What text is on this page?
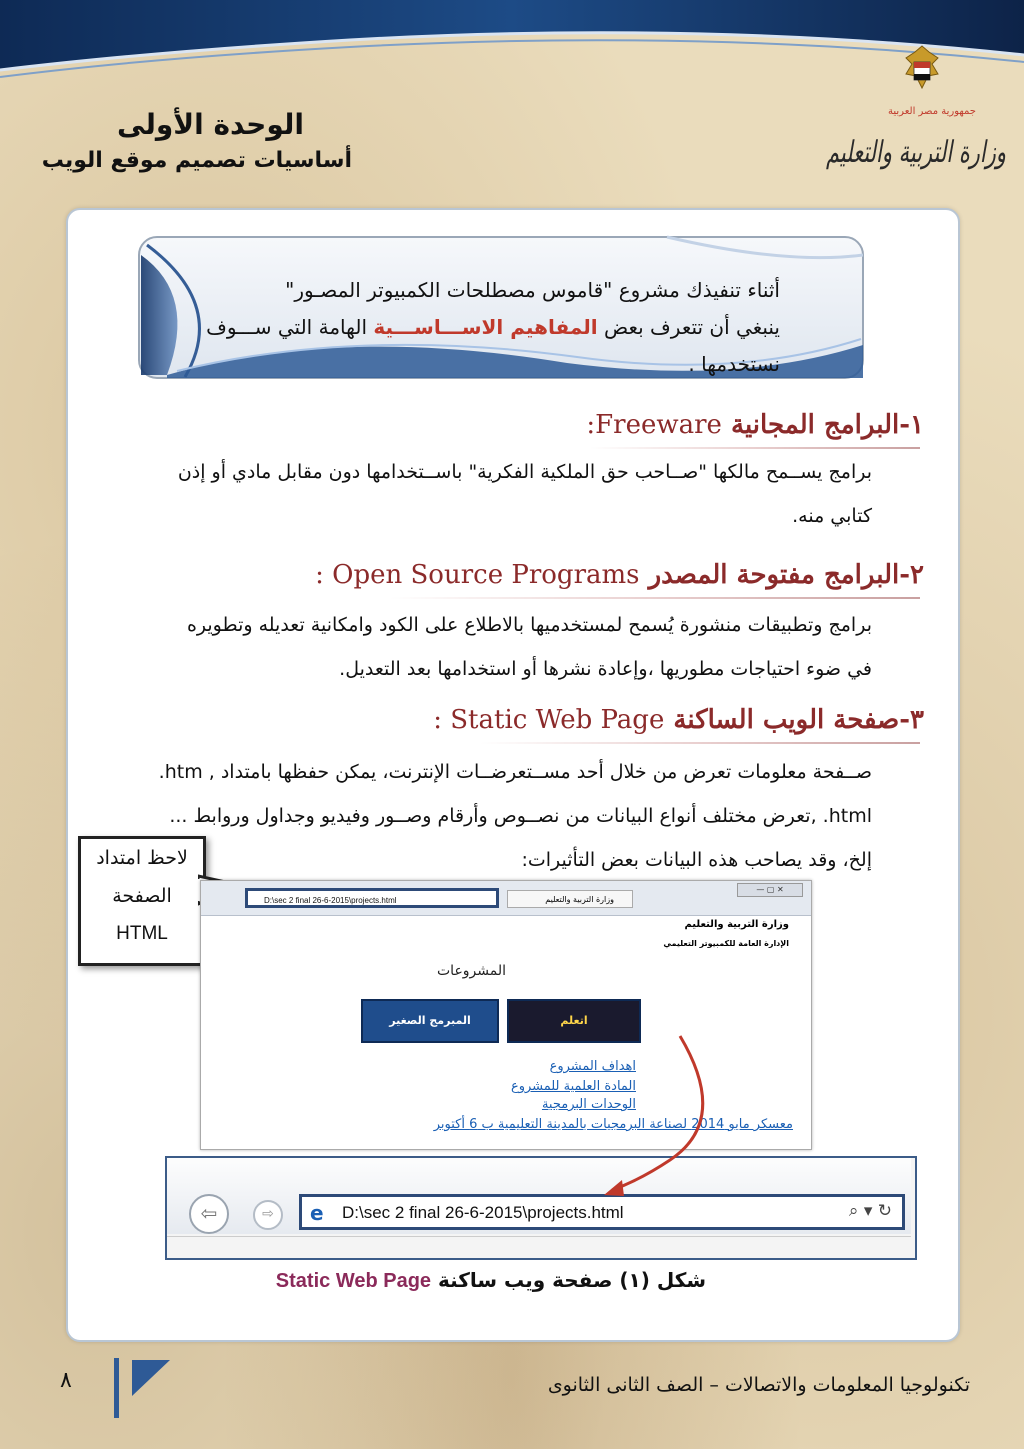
جمهورية مصر العربية
وزارة التربية والتعليم
الوحدة الأولى
أساسيات تصميم موقع الويب
أثناء تنفيذك مشروع "قاموس مصطلحات الكمبيوتر المصـور"
ينبغي أن تتعرف بعض المفاهيم الاســـاســـية الهامة التي ســـوف
نستخدمها .
١-البرامج المجانية Freeware:
برامج يســمح مالكها "صــاحب حق الملكية الفكرية" باســتخدامها دون مقابل مادي أو إذن
كتابي منه.
٢-البرامج مفتوحة المصدر Open Source Programs :
برامج وتطبيقات منشورة يُسمح لمستخدميها بالاطلاع على الكود وامكانية تعديله وتطويره
في ضوء احتياجات مطوريها ،وإعادة نشرها أو استخدامها بعد التعديل.
٣-صفحة الويب الساكنة Static Web Page :
صــفحة معلومات تعرض من خلال أحد مســتعرضــات الإنترنت، يمكن حفظها بامتداد , htm.
html. ,تعرض مختلف أنواع البيانات من نصــوص وأرقام وصــور وفيديو وجداول وروابط ...
إلخ، وقد يصاحب هذه البيانات بعض التأثيرات:
لاحظ امتداد
الصفحة
HTML
D:\sec 2 final 26-6-2015\projects.html	وزارة التربية والتعليم
— ▢ ✕
وزارة التربية والتعليم
الإدارة العامة للكمبيوتر التعليمي
المشروعات
المبرمج الصغير	اتعلم
اهداف المشروع
المادة العلمية للمشروع
الوحدات البرمجية
معسكر مايو 2014 لصناعة البرمجيات بالمدينة التعليمية ب 6 أكتوبر
⇦	⇨	e D:\sec 2 final 26-6-2015\projects.html	⌕ ▾ ↻
شكل (١) صفحة ويب ساكنة Static Web Page
٨	تكنولوجيا المعلومات والاتصالات – الصف الثانى الثانوى
